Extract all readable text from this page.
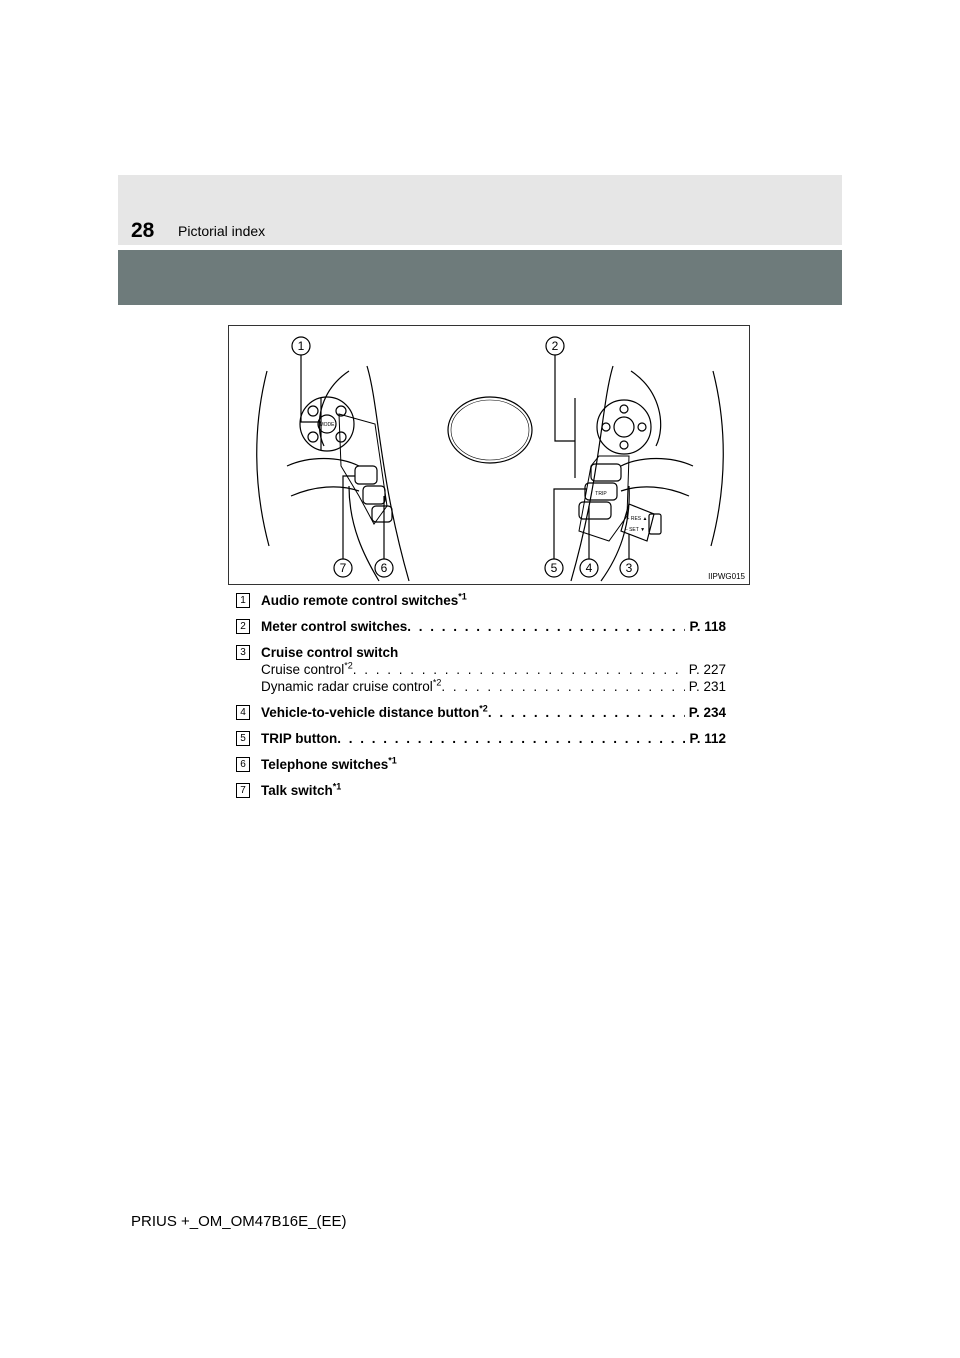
28 Pictorial index
1	2
3
4
5
6
7
MODE
TRIP
+ RES ▲
– SET ▼
IIPWG015
1	Audio remote control switches$^{*1}$
2	Meter control switches . . .	P. 118
3	Cruise control switch
Cruise control$^{*2}$ . . .	P. 227
Dynamic radar cruise control$^{*2}$ . . .	P. 231
4	Vehicle-to-vehicle distance button$^{*2}$ . . .	P. 234
5	TRIP button . . .	P. 112
6	Telephone switches$^{*1}$
7	Talk switch$^{*1}$
PRIUS +_OM_OM47B16E_(EE)
